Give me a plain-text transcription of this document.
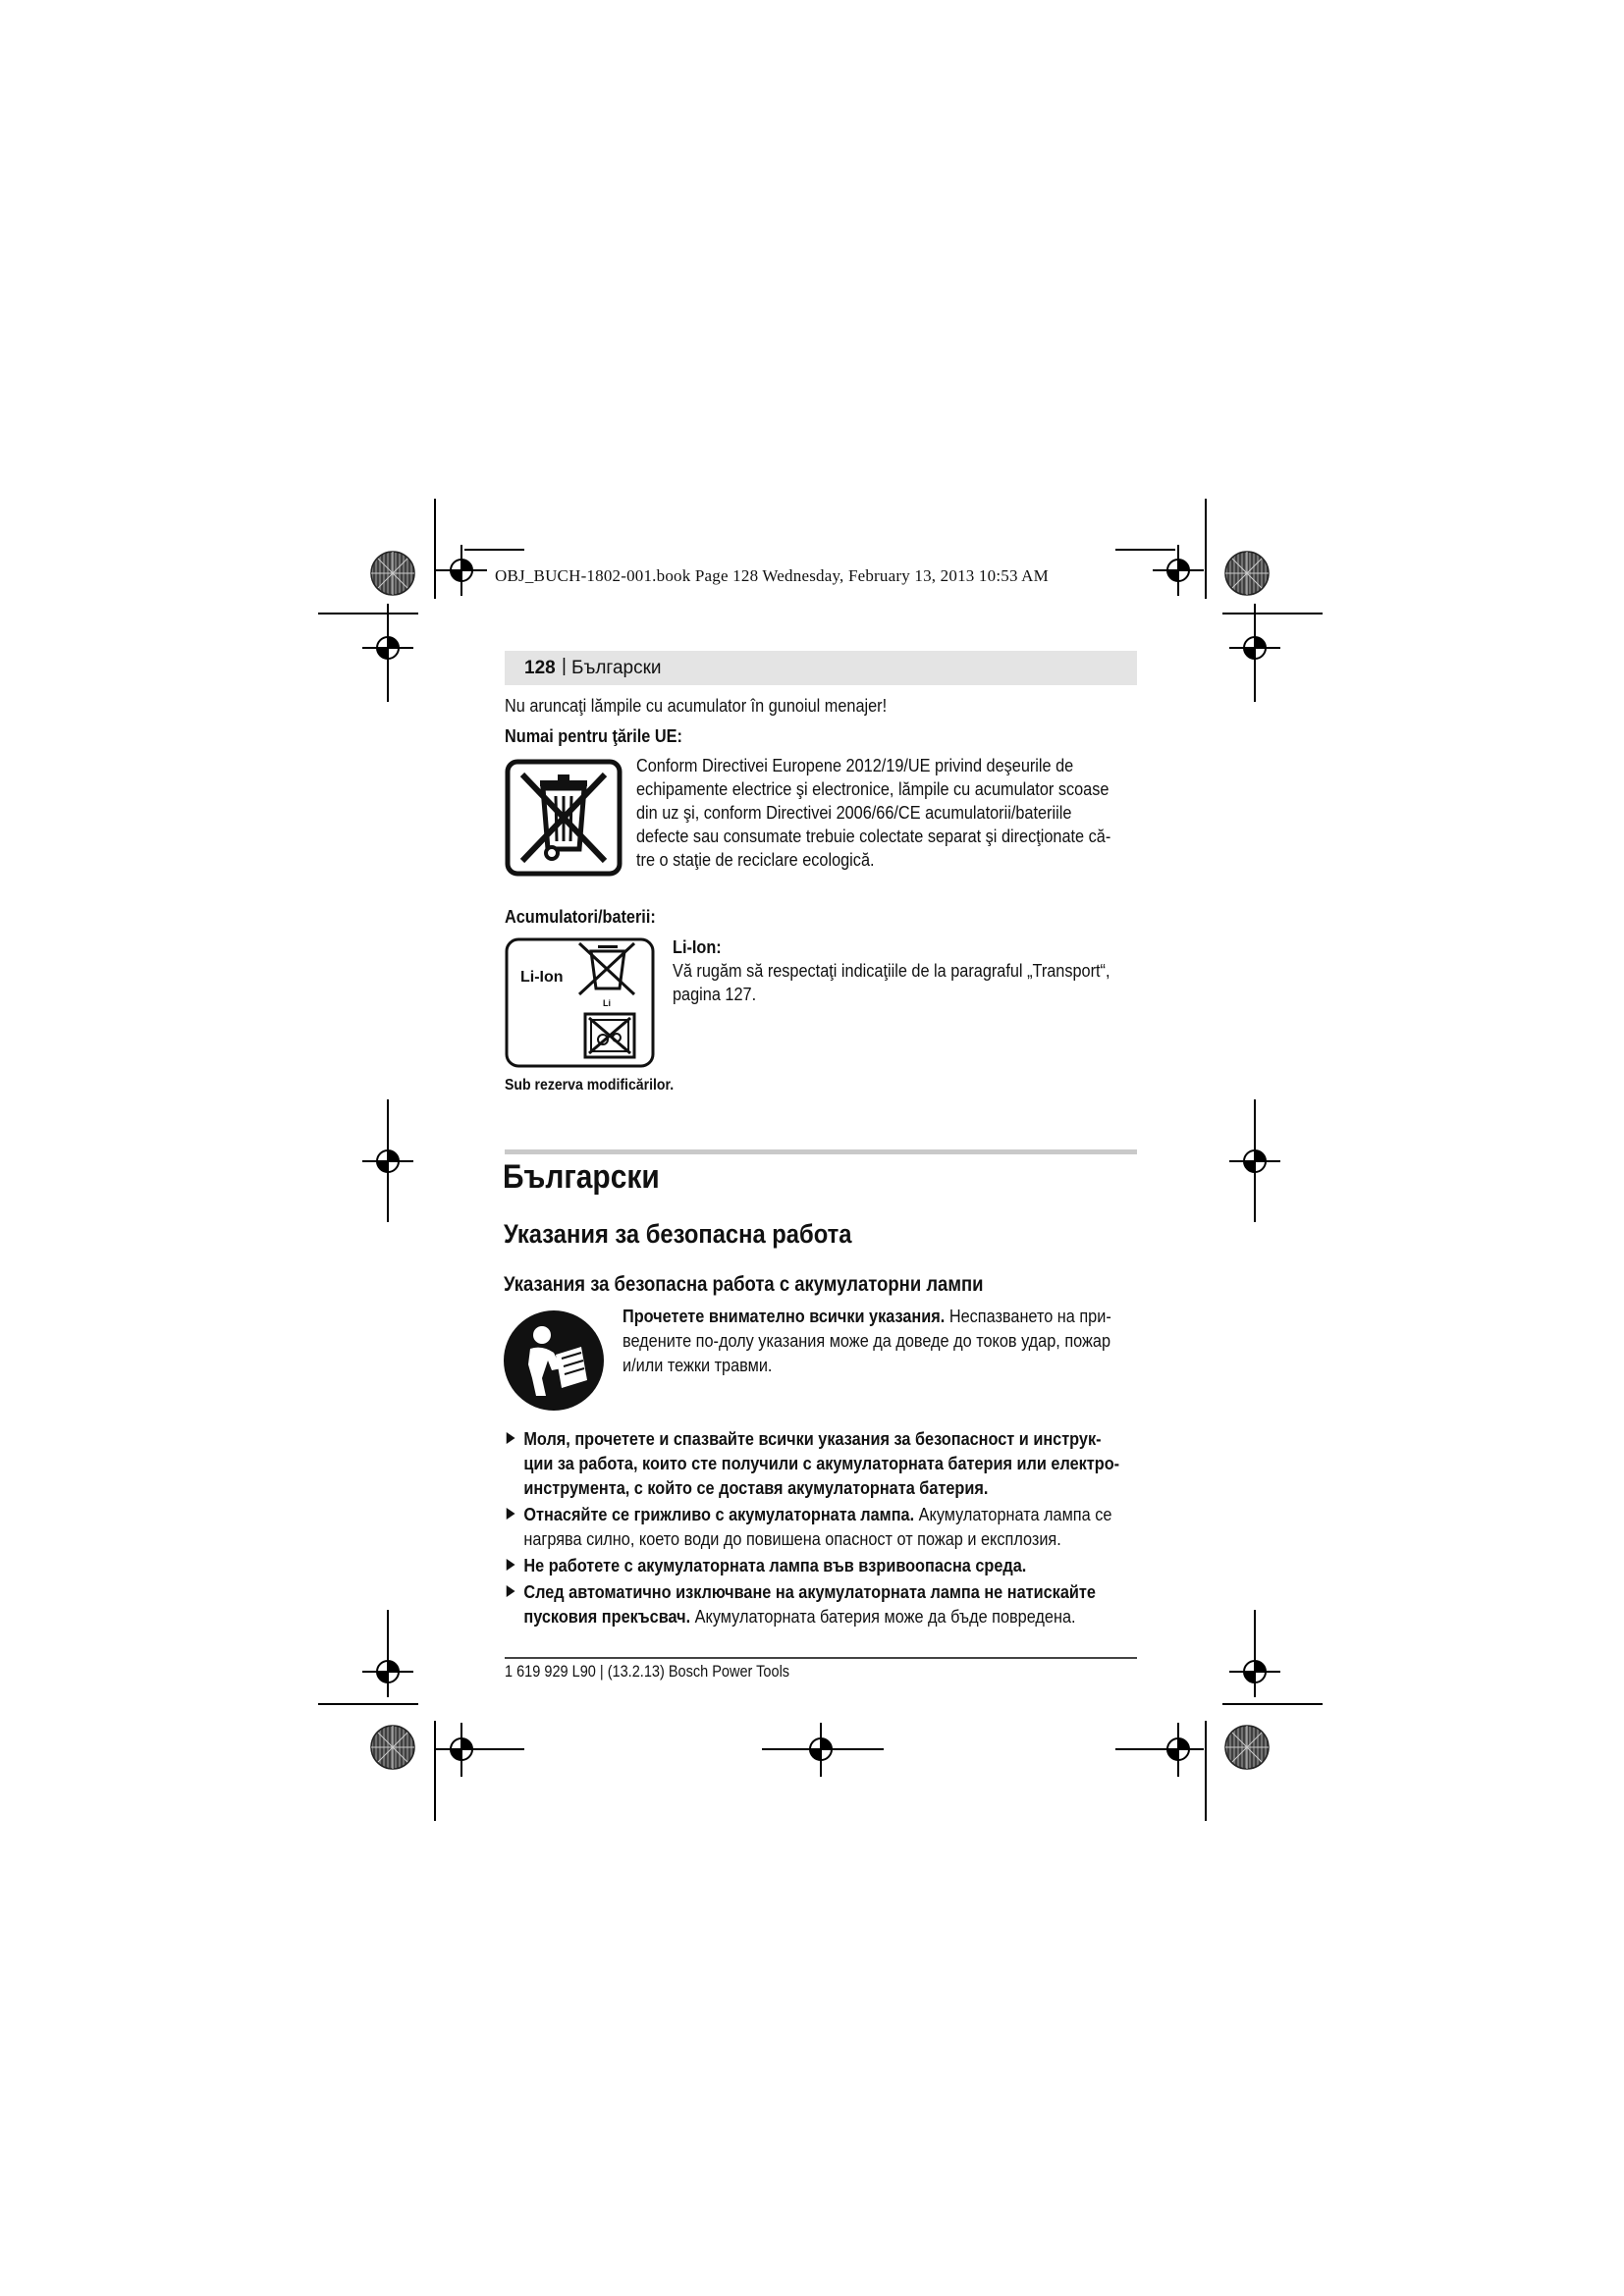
OBJ_BUCH-1802-001.book Page 128 Wednesday, February 13, 2013 10:53 AM
128 | Български
Nu aruncaţi lămpile cu acumulator în gunoiul menajer!
Numai pentru ţările UE:
Conform Directivei Europene 2012/19/UE privind deşeurile de
echipamente electrice şi electronice, lămpile cu acumulator scoase
din uz şi, conform Directivei 2006/66/CE acumulatorii/bateriile
defecte sau consumate trebuie colectate separat şi direcţionate că-
tre o staţie de reciclare ecologică.
Acumulatori/baterii:
Li-Ion
Li
Li-Ion:
Vă rugăm să respectaţi indicaţiile de la paragraful „Transport“,
pagina 127.
Sub rezerva modificărilor.
Български
Указания за безопасна работа
Указания за безопасна работа с акумулаторни лампи
Прочетете внимателно всички указания. Неспазването на при-
ведените по-долу указания може да доведе до токов удар, пожар
и/или тежки травми.
Моля, прочетете и спазвайте всички указания за безопасност и инструк-
ции за работа, които сте получили с акумулаторната батерия или електро-
инструмента, с който се доставя акумулаторната батерия.
Отнасяйте се грижливо с акумулаторната лампа. Акумулаторната лампа се
нагрява силно, което води до повишена опасност от пожар и експлозия.
Не работете с акумулаторната лампа във взривоопасна среда.
След автоматично изключване на акумулаторната лампа не натискайте
пусковия прекъсвач. Акумулаторната батерия може да бъде повредена.
1 619 929 L90 | (13.2.13) Bosch Power Tools
